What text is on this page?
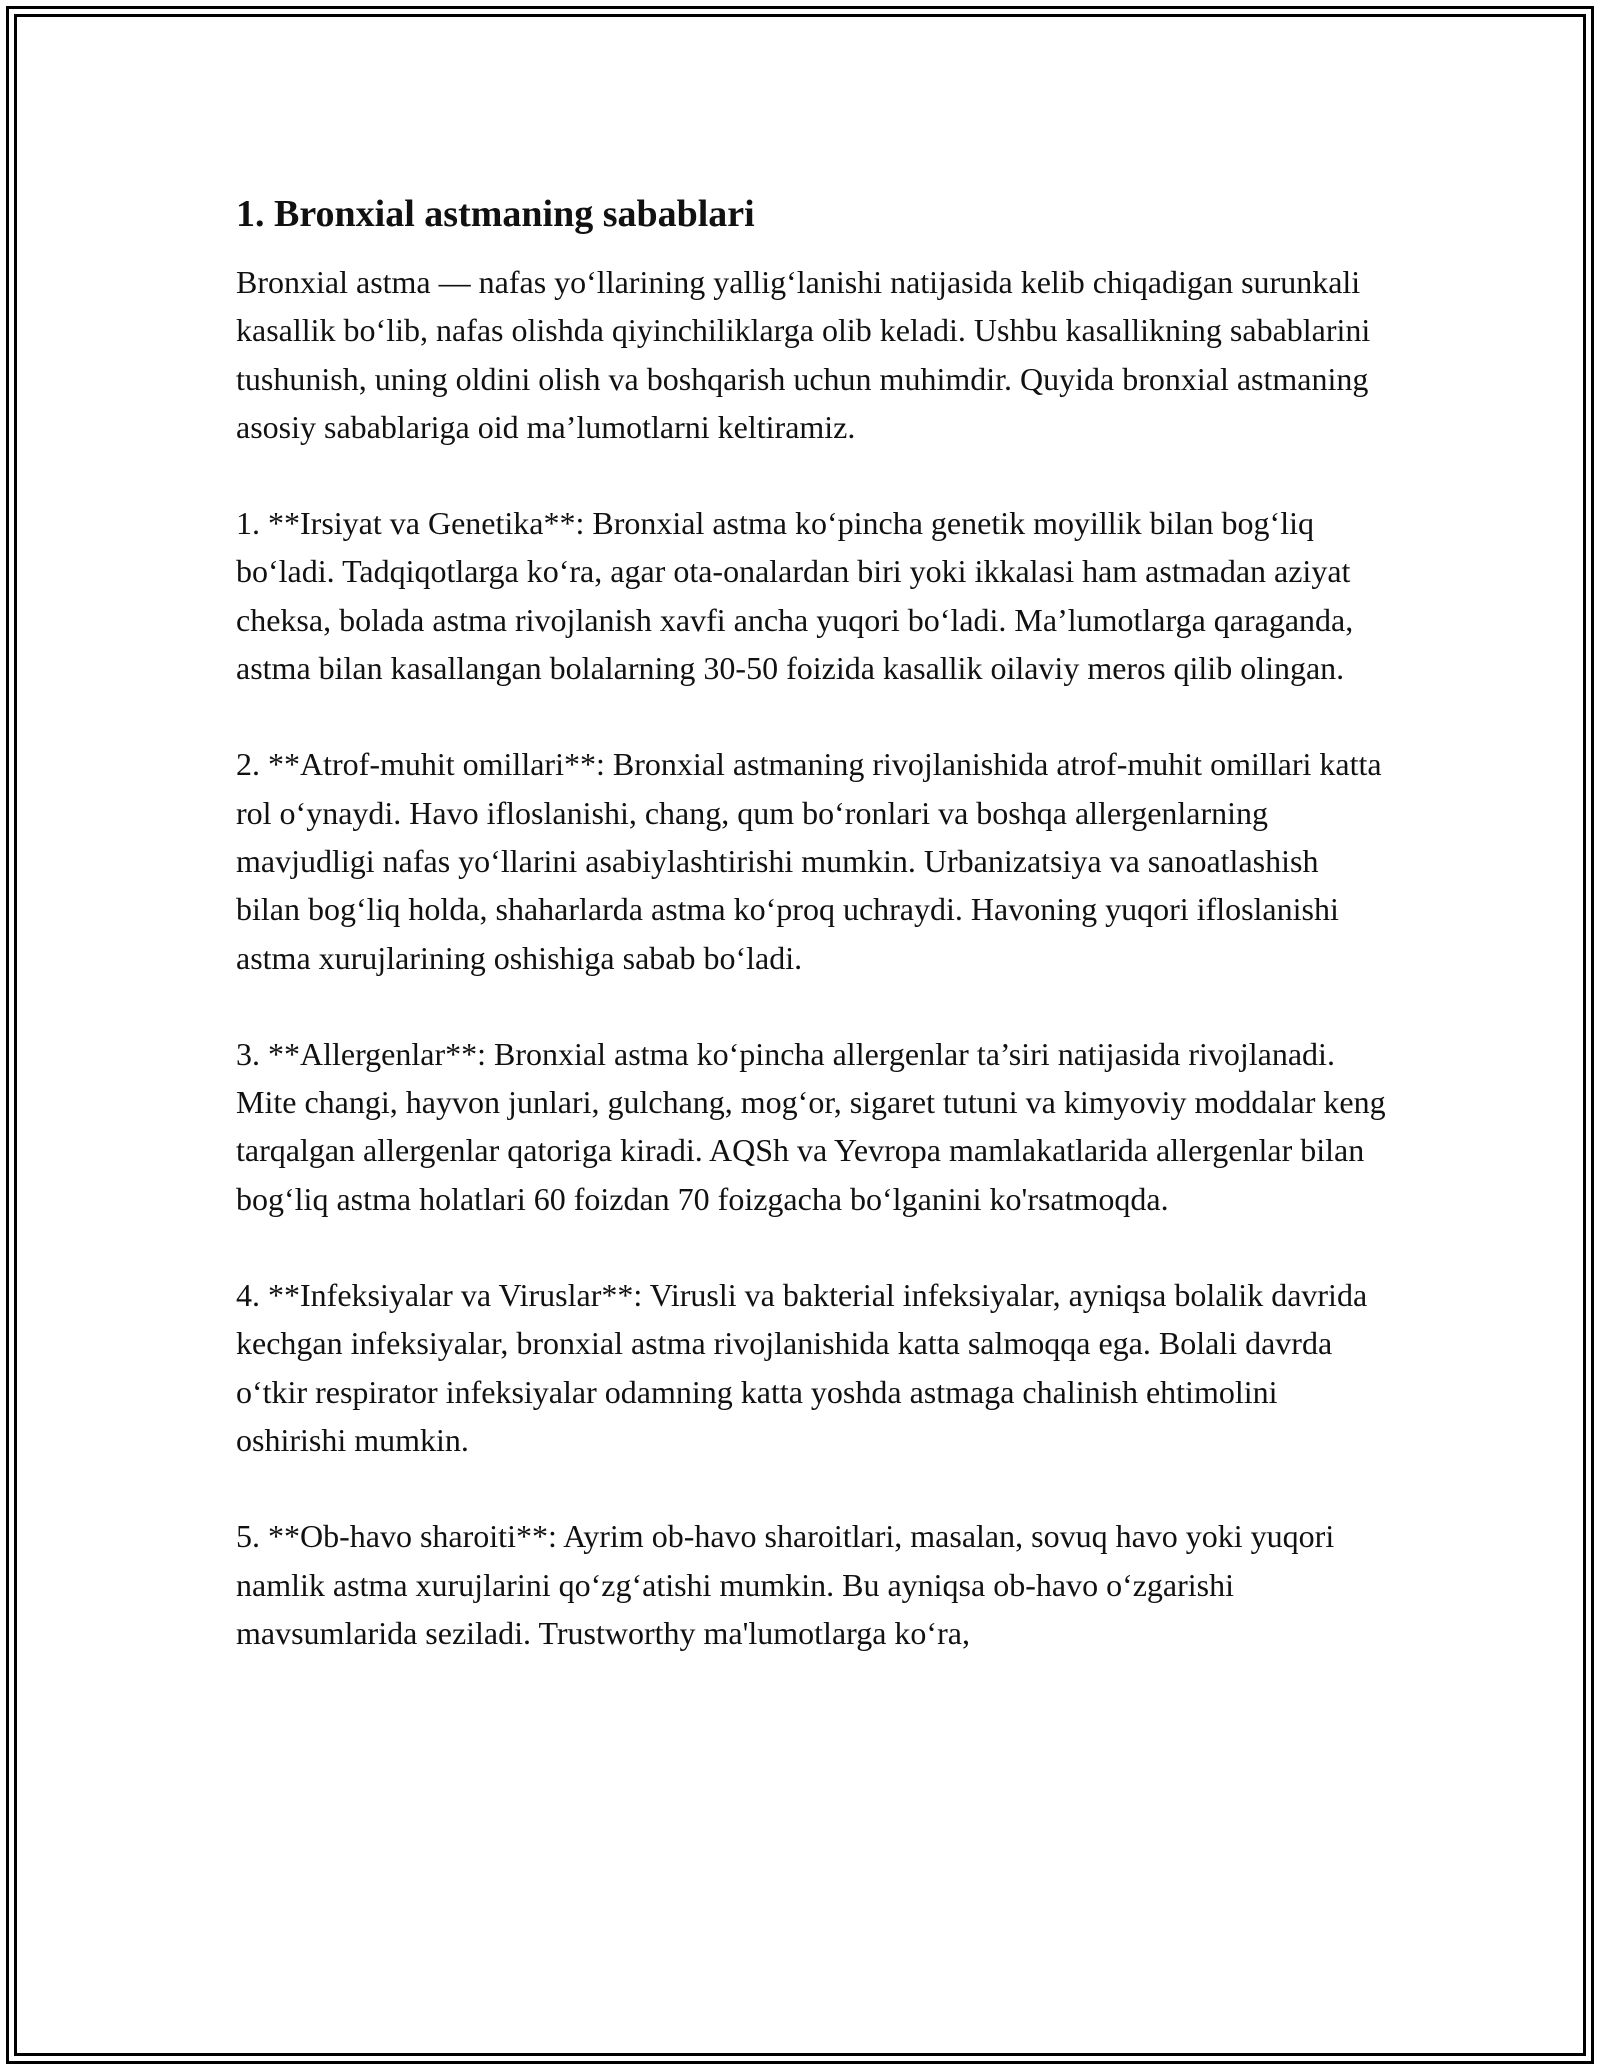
1. Bronxial astmaning sabablari

Bronxial astma — nafas yo‘llarining yallig‘lanishi natijasida kelib chiqadigan surunkali kasallik bo‘lib, nafas olishda qiyinchiliklarga olib keladi. Ushbu kasallikning sabablarini tushunish, uning oldini olish va boshqarish uchun muhimdir. Quyida bronxial astmaning asosiy sabablariga oid ma’lumotlarni keltiramiz.

1. **Irsiyat va Genetika**: Bronxial astma ko‘pincha genetik moyillik bilan bog‘liq bo‘ladi. Tadqiqotlarga ko‘ra, agar ota-onalardan biri yoki ikkalasi ham astmadan aziyat cheksa, bolada astma rivojlanish xavfi ancha yuqori bo‘ladi. Ma’lumotlarga qaraganda, astma bilan kasallangan bolalarning 30-50 foizida kasallik oilaviy meros qilib olingan.

2. **Atrof-muhit omillari**: Bronxial astmaning rivojlanishida atrof-muhit omillari katta rol o‘ynaydi. Havo ifloslanishi, chang, qum bo‘ronlari va boshqa allergenlarning mavjudligi nafas yo‘llarini asabiylashtirishi mumkin. Urbanizatsiya va sanoatlashish bilan bog‘liq holda, shaharlarda astma ko‘proq uchraydi. Havoning yuqori ifloslanishi astma xurujlarining oshishiga sabab bo‘ladi.

3. **Allergenlar**: Bronxial astma ko‘pincha allergenlar ta’siri natijasida rivojlanadi. Mite changi, hayvon junlari, gulchang, mog‘or, sigaret tutuni va kimyoviy moddalar keng tarqalgan allergenlar qatoriga kiradi. AQSh va Yevropa mamlakatlarida allergenlar bilan bog‘liq astma holatlari 60 foizdan 70 foizgacha bo‘lganini ko'rsatmoqda.

4. **Infeksiyalar va Viruslar**: Virusli va bakterial infeksiyalar, ayniqsa bolalik davrida kechgan infeksiyalar, bronxial astma rivojlanishida katta salmoqqa ega. Bolali davrda o‘tkir respirator infeksiyalar odamning katta yoshda astmaga chalinish ehtimolini oshirishi mumkin.

5. **Ob-havo sharoiti**: Ayrim ob-havo sharoitlari, masalan, sovuq havo yoki yuqori namlik astma xurujlarini qo‘zg‘atishi mumkin. Bu ayniqsa ob-havo o‘zgarishi mavsumlarida seziladi. Trustworthy ma'lumotlarga ko‘ra,
